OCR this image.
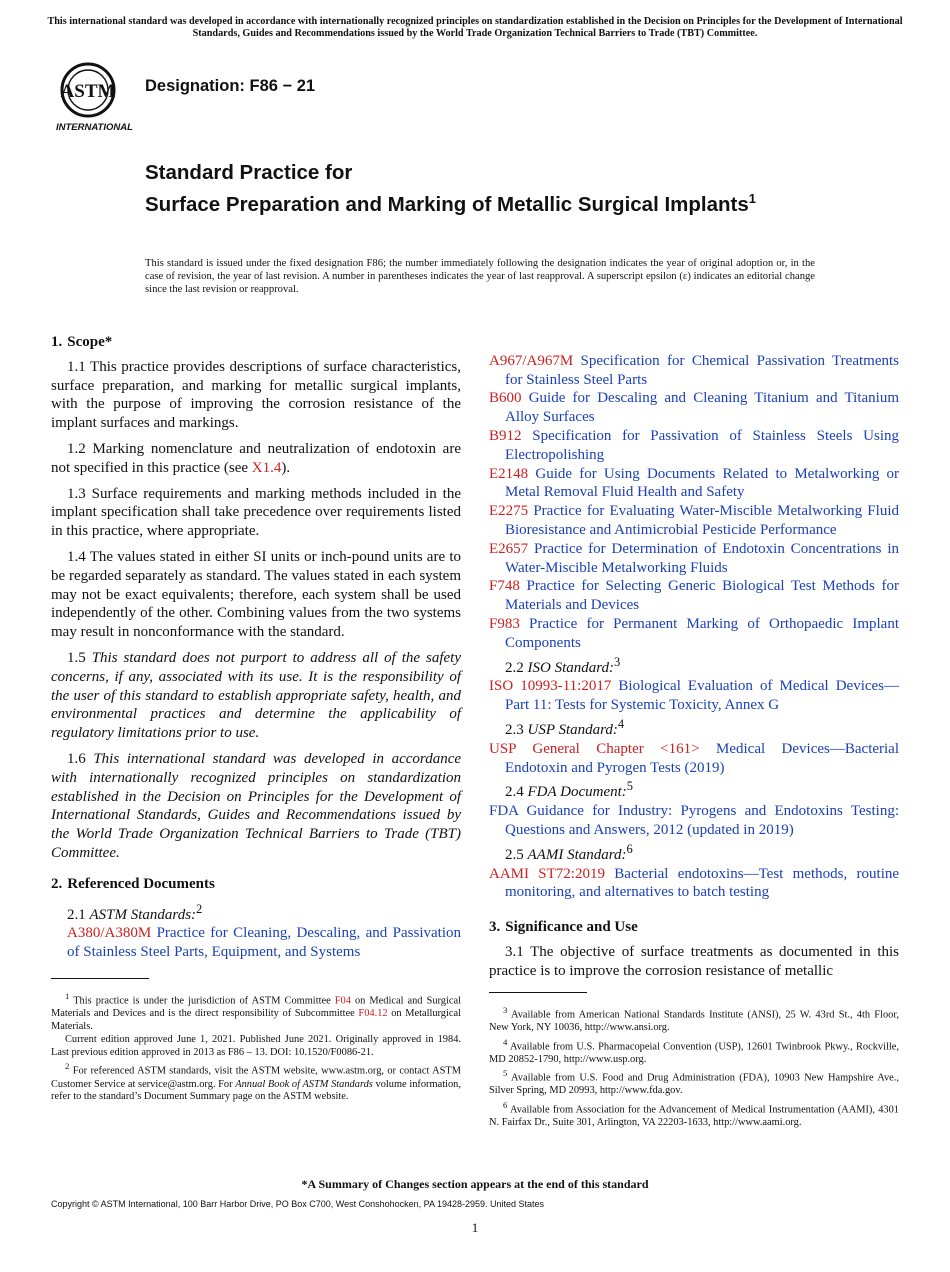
This international standard was developed in accordance with internationally recognized principles on standardization established in the Decision on Principles for the Development of International Standards, Guides and Recommendations issued by the World Trade Organization Technical Barriers to Trade (TBT) Committee.
ASTM
INTERNATIONAL
Designation: F86 − 21
Standard Practice for
Surface Preparation and Marking of Metallic Surgical Implants$^1$
This standard is issued under the fixed designation F86; the number immediately following the designation indicates the year of original adoption or, in the case of revision, the year of last revision. A number in parentheses indicates the year of last reapproval. A superscript epsilon (ε) indicates an editorial change since the last revision or reapproval.
1. Scope*

1.1 This practice provides descriptions of surface characteristics, surface preparation, and marking for metallic surgical implants, with the purpose of improving the corrosion resistance of the implant surfaces and markings.

1.2 Marking nomenclature and neutralization of endotoxin are not specified in this practice (see X1.4).

1.3 Surface requirements and marking methods included in the implant specification shall take precedence over requirements listed in this practice, where appropriate.

1.4 The values stated in either SI units or inch-pound units are to be regarded separately as standard. The values stated in each system may not be exact equivalents; therefore, each system shall be used independently of the other. Combining values from the two systems may result in nonconformance with the standard.

1.5 This standard does not purport to address all of the safety concerns, if any, associated with its use. It is the responsibility of the user of this standard to establish appropriate safety, health, and environmental practices and determine the applicability of regulatory limitations prior to use.

1.6 This international standard was developed in accordance with internationally recognized principles on standardization established in the Decision on Principles for the Development of International Standards, Guides and Recommendations issued by the World Trade Organization Technical Barriers to Trade (TBT) Committee.

2. Referenced Documents
2.1 ASTM Standards:$^2$
A380/A380M Practice for Cleaning, Descaling, and Passivation of Stainless Steel Parts, Equipment, and Systems
A967/A967M Specification for Chemical Passivation Treatments for Stainless Steel Parts
B600 Guide for Descaling and Cleaning Titanium and Titanium Alloy Surfaces
B912 Specification for Passivation of Stainless Steels Using Electropolishing
E2148 Guide for Using Documents Related to Metalworking or Metal Removal Fluid Health and Safety
E2275 Practice for Evaluating Water-Miscible Metalworking Fluid Bioresistance and Antimicrobial Pesticide Performance
E2657 Practice for Determination of Endotoxin Concentrations in Water-Miscible Metalworking Fluids
F748 Practice for Selecting Generic Biological Test Methods for Materials and Devices
F983 Practice for Permanent Marking of Orthopaedic Implant Components
2.2 ISO Standard:$^3$
ISO 10993-11:2017 Biological Evaluation of Medical Devices—Part 11: Tests for Systemic Toxicity, Annex G
2.3 USP Standard:$^4$
USP General Chapter <161> Medical Devices—Bacterial Endotoxin and Pyrogen Tests (2019)
2.4 FDA Document:$^5$
FDA Guidance for Industry: Pyrogens and Endotoxins Testing: Questions and Answers, 2012 (updated in 2019)
2.5 AAMI Standard:$^6$
AAMI ST72:2019 Bacterial endotoxins—Test methods, routine monitoring, and alternatives to batch testing
3. Significance and Use

3.1 The objective of surface treatments as documented in this practice is to improve the corrosion resistance of metallic

$^1$ This practice is under the jurisdiction of ASTM Committee F04 on Medical and Surgical Materials and Devices and is the direct responsibility of Subcommittee F04.12 on Metallurgical Materials.
Current edition approved June 1, 2021. Published June 2021. Originally approved in 1984. Last previous edition approved in 2013 as F86 – 13. DOI: 10.1520/F0086-21.
$^2$ For referenced ASTM standards, visit the ASTM website, www.astm.org, or contact ASTM Customer Service at service@astm.org. For Annual Book of ASTM Standards volume information, refer to the standard’s Document Summary page on the ASTM website.
$^3$ Available from American National Standards Institute (ANSI), 25 W. 43rd St., 4th Floor, New York, NY 10036, http://www.ansi.org.
$^4$ Available from U.S. Pharmacopeial Convention (USP), 12601 Twinbrook Pkwy., Rockville, MD 20852-1790, http://www.usp.org.
$^5$ Available from U.S. Food and Drug Administration (FDA), 10903 New Hampshire Ave., Silver Spring, MD 20993, http://www.fda.gov.
$^6$ Available from Association for the Advancement of Medical Instrumentation (AAMI), 4301 N. Fairfax Dr., Suite 301, Arlington, VA 22203-1633, http://www.aami.org.
*A Summary of Changes section appears at the end of this standard
Copyright © ASTM International, 100 Barr Harbor Drive, PO Box C700, West Conshohocken, PA 19428-2959. United States
1
